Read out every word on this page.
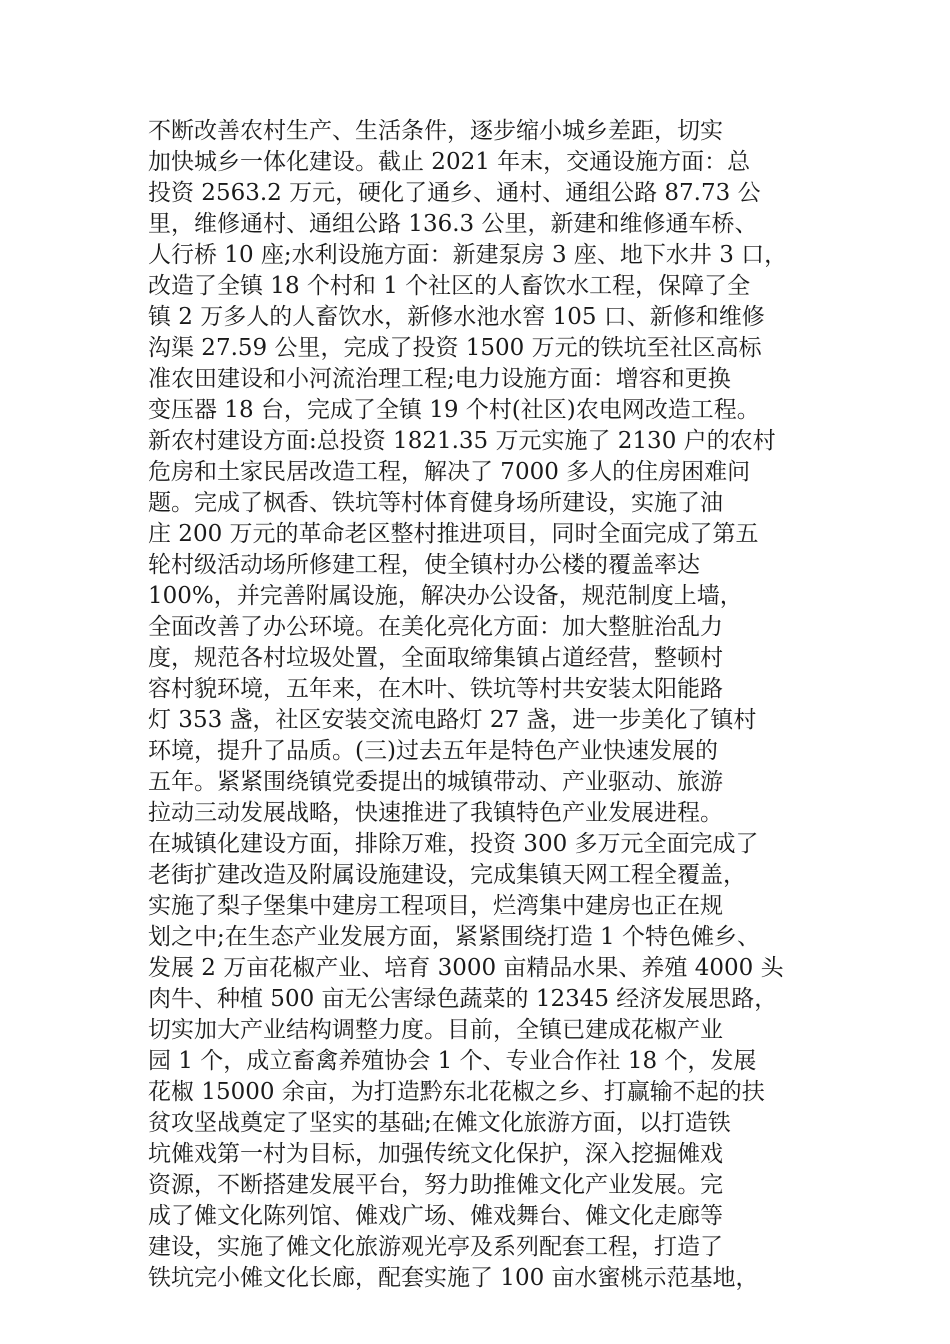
不断改善农村生产、生活条件，逐步缩小城乡差距，切实
加快城乡一体化建设。截止 2021 年末，交通设施方面：总
投资 2563.2 万元，硬化了通乡、通村、通组公路 87.73 公
里，维修通村、通组公路 136.3 公里，新建和维修通车桥、
人行桥 10 座;水利设施方面：新建泵房 3 座、地下水井 3 口，
改造了全镇 18 个村和 1 个社区的人畜饮水工程，保障了全
镇 2 万多人的人畜饮水，新修水池水窖 105 口、新修和维修
沟渠 27.59 公里，完成了投资 1500 万元的铁坑至社区高标
准农田建设和小河流治理工程;电力设施方面：增容和更换
变压器 18 台，完成了全镇 19 个村(社区)农电网改造工程。
新农村建设方面:总投资 1821.35 万元实施了 2130 户的农村
危房和土家民居改造工程，解决了 7000 多人的住房困难问
题。完成了枫香、铁坑等村体育健身场所建设，实施了油
庄 200 万元的革命老区整村推进项目，同时全面完成了第五
轮村级活动场所修建工程，使全镇村办公楼的覆盖率达
100%，并完善附属设施，解决办公设备，规范制度上墙，
全面改善了办公环境。在美化亮化方面：加大整脏治乱力
度，规范各村垃圾处置，全面取缔集镇占道经营，整顿村
容村貌环境，五年来，在木叶、铁坑等村共安装太阳能路
灯 353 盏，社区安装交流电路灯 27 盏，进一步美化了镇村
环境，提升了品质。(三)过去五年是特色产业快速发展的
五年。紧紧围绕镇党委提出的城镇带动、产业驱动、旅游
拉动三动发展战略，快速推进了我镇特色产业发展进程。
在城镇化建设方面，排除万难，投资 300 多万元全面完成了
老街扩建改造及附属设施建设，完成集镇天网工程全覆盖，
实施了梨子堡集中建房工程项目，烂湾集中建房也正在规
划之中;在生态产业发展方面，紧紧围绕打造 1 个特色傩乡、
发展 2 万亩花椒产业、培育 3000 亩精品水果、养殖 4000 头
肉牛、种植 500 亩无公害绿色蔬菜的 12345 经济发展思路，
切实加大产业结构调整力度。目前，全镇已建成花椒产业
园 1 个，成立畜禽养殖协会 1 个、专业合作社 18 个，发展
花椒 15000 余亩，为打造黔东北花椒之乡、打赢输不起的扶
贫攻坚战奠定了坚实的基础;在傩文化旅游方面，以打造铁
坑傩戏第一村为目标，加强传统文化保护，深入挖掘傩戏
资源，不断搭建发展平台，努力助推傩文化产业发展。完
成了傩文化陈列馆、傩戏广场、傩戏舞台、傩文化走廊等
建设，实施了傩文化旅游观光亭及系列配套工程，打造了
铁坑完小傩文化长廊，配套实施了 100 亩水蜜桃示范基地，
